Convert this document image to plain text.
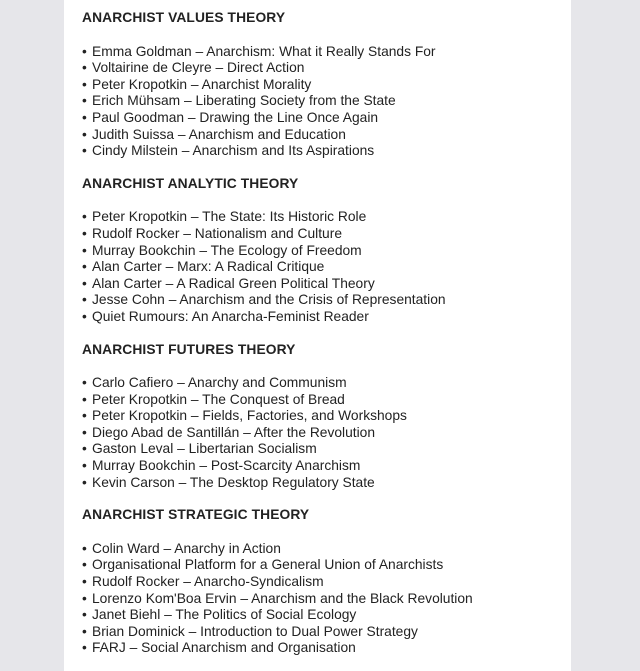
ANARCHIST VALUES THEORY
• Emma Goldman – Anarchism: What it Really Stands For
• Voltairine de Cleyre – Direct Action
• Peter Kropotkin – Anarchist Morality
• Erich Mühsam – Liberating Society from the State
• Paul Goodman – Drawing the Line Once Again
• Judith Suissa – Anarchism and Education
• Cindy Milstein – Anarchism and Its Aspirations
ANARCHIST ANALYTIC THEORY
• Peter Kropotkin – The State: Its Historic Role
• Rudolf Rocker – Nationalism and Culture
• Murray Bookchin – The Ecology of Freedom
• Alan Carter – Marx: A Radical Critique
• Alan Carter – A Radical Green Political Theory
• Jesse Cohn – Anarchism and the Crisis of Representation
• Quiet Rumours: An Anarcha-Feminist Reader
ANARCHIST FUTURES THEORY
• Carlo Cafiero – Anarchy and Communism
• Peter Kropotkin – The Conquest of Bread
• Peter Kropotkin – Fields, Factories, and Workshops
• Diego Abad de Santillán – After the Revolution
• Gaston Leval – Libertarian Socialism
• Murray Bookchin – Post-Scarcity Anarchism
• Kevin Carson – The Desktop Regulatory State
ANARCHIST STRATEGIC THEORY
• Colin Ward – Anarchy in Action
• Organisational Platform for a General Union of Anarchists
• Rudolf Rocker – Anarcho-Syndicalism
• Lorenzo Kom'Boa Ervin – Anarchism and the Black Revolution
• Janet Biehl – The Politics of Social Ecology
• Brian Dominick – Introduction to Dual Power Strategy
• FARJ – Social Anarchism and Organisation
